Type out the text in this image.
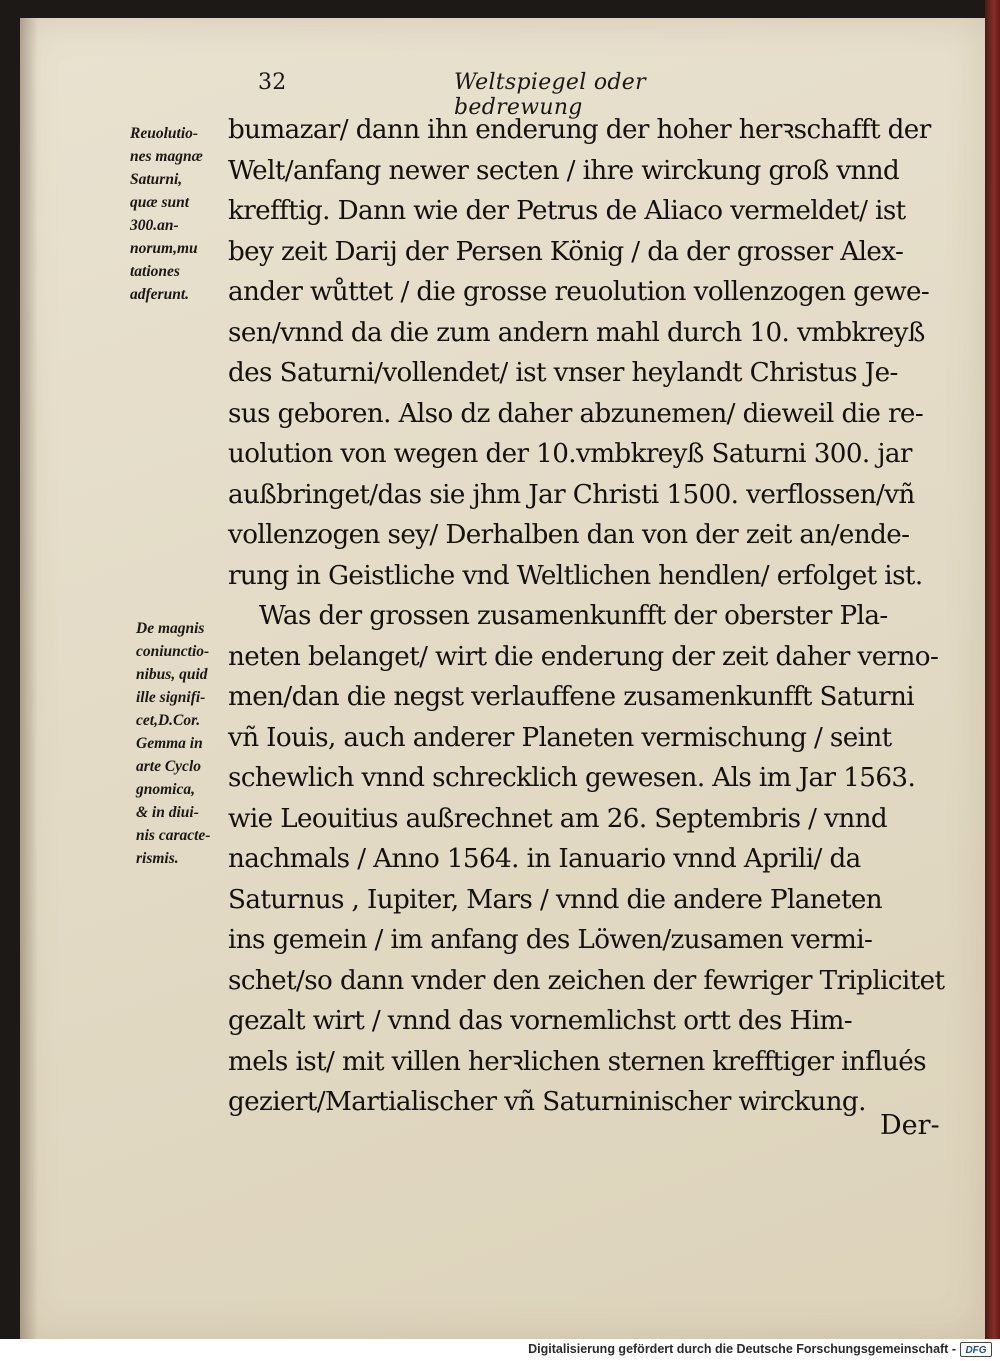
32	Weltspiegel oder bedrewung
Reuolutio-
nes magnæ
Saturni,
quæ sunt
300.an-
norum,mu
tationes
adferunt.
De magnis
coniunctio-
nibus, quid
ille signifi-
cet,D.Cor.
Gemma in
arte Cyclo
gnomica,
& in diui-
nis caracte-
rismis.
bumazar/ dann ihn enderung der hoher herꝛschafft der
Welt/anfang newer secten / ihre wirckung groß vnnd
krefftig. Dann wie der Petrus de Aliaco vermeldet/ ist
bey zeit Darij der Persen König / da der grosser Alex-
ander wůttet / die grosse reuolution vollenzogen gewe-
sen/vnnd da die zum andern mahl durch 10. vmbkreyß
des Saturni/vollendet/ ist vnser heylandt Christus Je-
sus geboren. Also dz daher abzunemen/ dieweil die re-
uolution von wegen der 10.vmbkreyß Saturni 300. jar
außbringet/das sie jhm Jar Christi 1500. verflossen/vñ
vollenzogen sey/ Derhalben dan von der zeit an/ende-
rung in Geistliche vnd Weltlichen hendlen/ erfolget ist.
Was der grossen zusamenkunfft der oberster Pla-
neten belanget/ wirt die enderung der zeit daher verno-
men/dan die negst verlauffene zusamenkunfft Saturni
vñ Iouis, auch anderer Planeten vermischung / seint
schewlich vnnd schrecklich gewesen. Als im Jar 1563.
wie Leouitius außrechnet am 26. Septembris / vnnd
nachmals / Anno 1564. in Ianuario vnnd Aprili/ da
Saturnus , Iupiter, Mars / vnnd die andere Planeten
ins gemein / im anfang des Löwen/zusamen vermi-
schet/so dann vnder den zeichen der fewriger Triplicitet
gezalt wirt / vnnd das vornemlichst ortt des Him-
mels ist/ mit villen herꝛlichen sternen krefftiger influés
geziert/Martialischer vñ Saturninischer wirckung.
Der-
Digitalisierung gefördert durch die Deutsche Forschungsgemeinschaft - DFG
